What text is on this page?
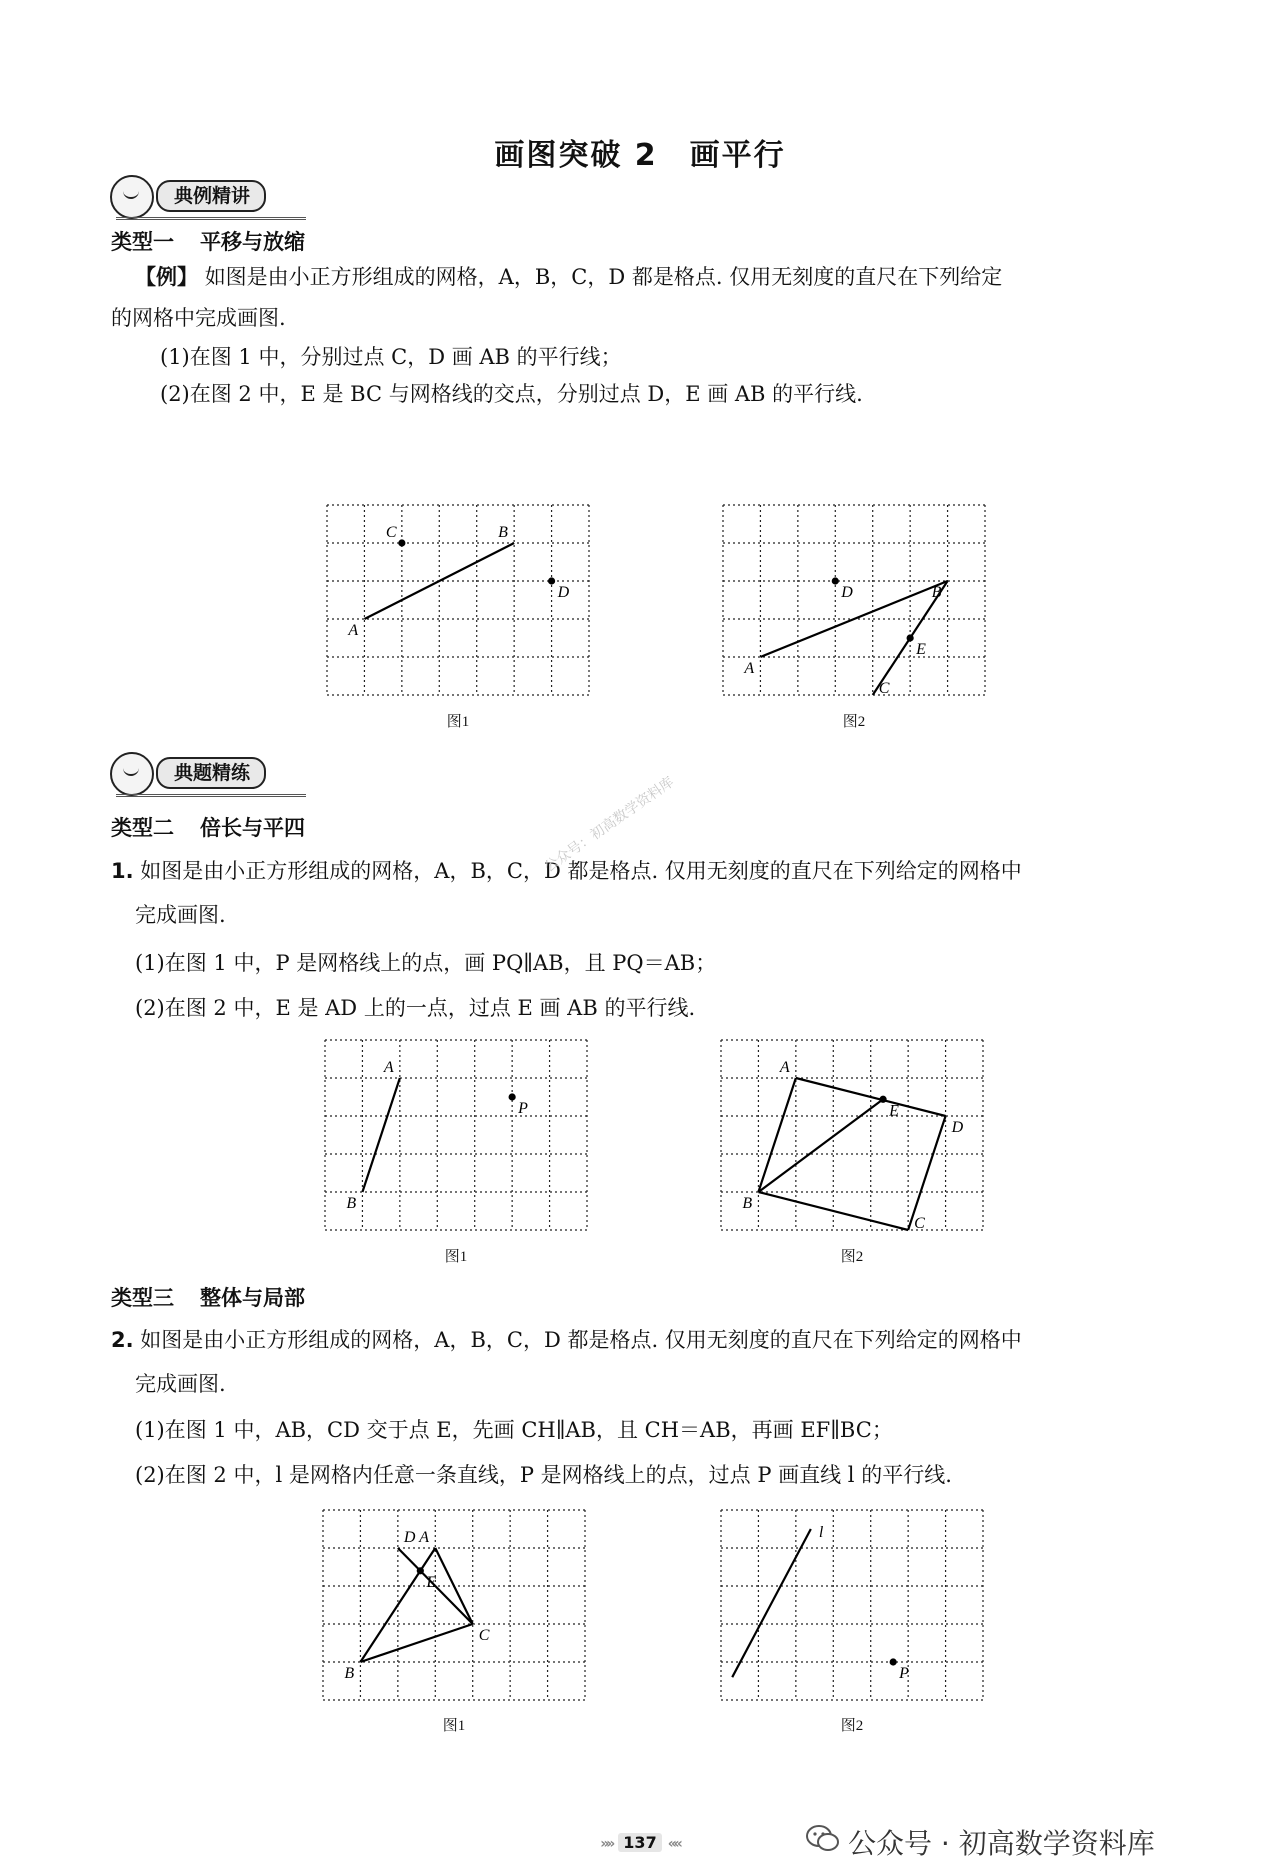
画图突破 2　画平行
典例精讲
类型一 平移与放缩
【例】 如图是由小正方形组成的网格，A，B，C，D 都是格点. 仅用无刻度的直尺在下列给定
的网格中完成画图.
(1)在图 1 中，分别过点 C，D 画 AB 的平行线；
(2)在图 2 中，E 是 BC 与网格线的交点，分别过点 D，E 画 AB 的平行线.
A
B
C
D
图1
A
B
C
D
E
图2
典题精练
类型二 倍长与平四
1. 如图是由小正方形组成的网格，A，B，C，D 都是格点. 仅用无刻度的直尺在下列给定的网格中
完成画图.
(1)在图 1 中，P 是网格线上的点，画 PQ∥AB，且 PQ＝AB；
(2)在图 2 中，E 是 AD 上的一点，过点 E 画 AB 的平行线.
A
B
P
图1
A
B
C
D
E
图2
类型三 整体与局部
2. 如图是由小正方形组成的网格，A，B，C，D 都是格点. 仅用无刻度的直尺在下列给定的网格中
完成画图.
(1)在图 1 中，AB，CD 交于点 E，先画 CH∥AB，且 CH＝AB，再画 EF∥BC；
(2)在图 2 中，l 是网格内任意一条直线，P 是网格线上的点，过点 P 画直线 l 的平行线.
A
B
C
D
E
图1
P
l
图2
公众号：初高数学资料库
»» 137 ««	公众号 · 初高数学资料库
